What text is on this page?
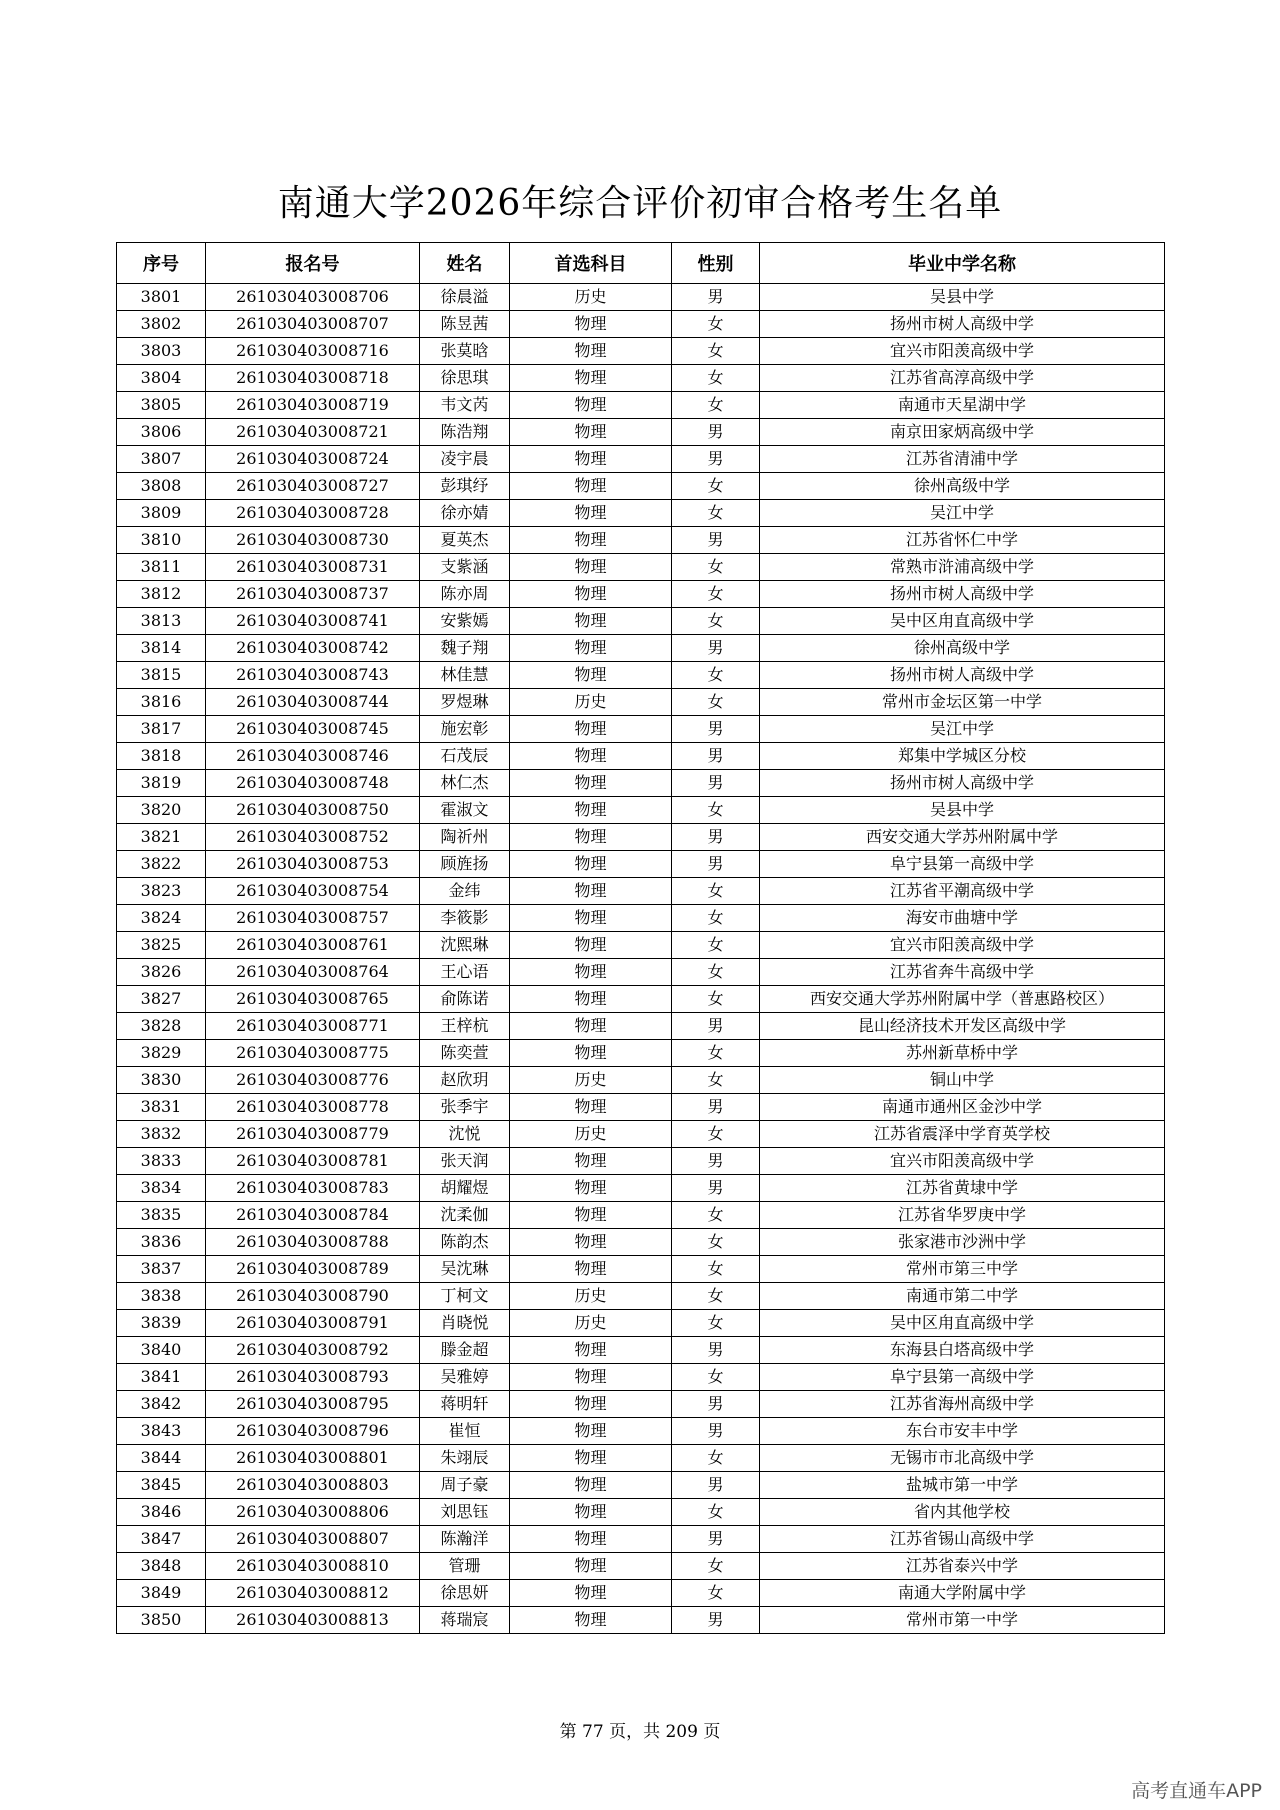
南通大学2026年综合评价初审合格考生名单
序号	报名号	姓名	首选科目	性别	毕业中学名称
3801	261030403008706	徐晨溢	历史	男	吴县中学
3802	261030403008707	陈昱茜	物理	女	扬州市树人高级中学
3803	261030403008716	张莫晗	物理	女	宜兴市阳羡高级中学
3804	261030403008718	徐思琪	物理	女	江苏省高淳高级中学
3805	261030403008719	韦文芮	物理	女	南通市天星湖中学
3806	261030403008721	陈浩翔	物理	男	南京田家炳高级中学
3807	261030403008724	凌宇晨	物理	男	江苏省清浦中学
3808	261030403008727	彭琪纾	物理	女	徐州高级中学
3809	261030403008728	徐亦婧	物理	女	吴江中学
3810	261030403008730	夏英杰	物理	男	江苏省怀仁中学
3811	261030403008731	支紫涵	物理	女	常熟市浒浦高级中学
3812	261030403008737	陈亦周	物理	女	扬州市树人高级中学
3813	261030403008741	安紫嫣	物理	女	吴中区甪直高级中学
3814	261030403008742	魏子翔	物理	男	徐州高级中学
3815	261030403008743	林佳慧	物理	女	扬州市树人高级中学
3816	261030403008744	罗煜琳	历史	女	常州市金坛区第一中学
3817	261030403008745	施宏彰	物理	男	吴江中学
3818	261030403008746	石茂辰	物理	男	郑集中学城区分校
3819	261030403008748	林仁杰	物理	男	扬州市树人高级中学
3820	261030403008750	霍淑文	物理	女	吴县中学
3821	261030403008752	陶祈州	物理	男	西安交通大学苏州附属中学
3822	261030403008753	顾旌扬	物理	男	阜宁县第一高级中学
3823	261030403008754	金纬	物理	女	江苏省平潮高级中学
3824	261030403008757	李筱影	物理	女	海安市曲塘中学
3825	261030403008761	沈熙琳	物理	女	宜兴市阳羡高级中学
3826	261030403008764	王心语	物理	女	江苏省奔牛高级中学
3827	261030403008765	俞陈诺	物理	女	西安交通大学苏州附属中学（普惠路校区）
3828	261030403008771	王梓杭	物理	男	昆山经济技术开发区高级中学
3829	261030403008775	陈奕萱	物理	女	苏州新草桥中学
3830	261030403008776	赵欣玥	历史	女	铜山中学
3831	261030403008778	张季宇	物理	男	南通市通州区金沙中学
3832	261030403008779	沈悦	历史	女	江苏省震泽中学育英学校
3833	261030403008781	张天润	物理	男	宜兴市阳羡高级中学
3834	261030403008783	胡耀煜	物理	男	江苏省黄埭中学
3835	261030403008784	沈柔伽	物理	女	江苏省华罗庚中学
3836	261030403008788	陈韵杰	物理	女	张家港市沙洲中学
3837	261030403008789	吴沈琳	物理	女	常州市第三中学
3838	261030403008790	丁柯文	历史	女	南通市第二中学
3839	261030403008791	肖晓悦	历史	女	吴中区甪直高级中学
3840	261030403008792	滕金超	物理	男	东海县白塔高级中学
3841	261030403008793	吴雅婷	物理	女	阜宁县第一高级中学
3842	261030403008795	蒋明轩	物理	男	江苏省海州高级中学
3843	261030403008796	崔恒	物理	男	东台市安丰中学
3844	261030403008801	朱翊辰	物理	女	无锡市市北高级中学
3845	261030403008803	周子豪	物理	男	盐城市第一中学
3846	261030403008806	刘思钰	物理	女	省内其他学校
3847	261030403008807	陈瀚洋	物理	男	江苏省锡山高级中学
3848	261030403008810	管珊	物理	女	江苏省泰兴中学
3849	261030403008812	徐思妍	物理	女	南通大学附属中学
3850	261030403008813	蒋瑞宸	物理	男	常州市第一中学
第 77 页，共 209 页
高考直通车APP
